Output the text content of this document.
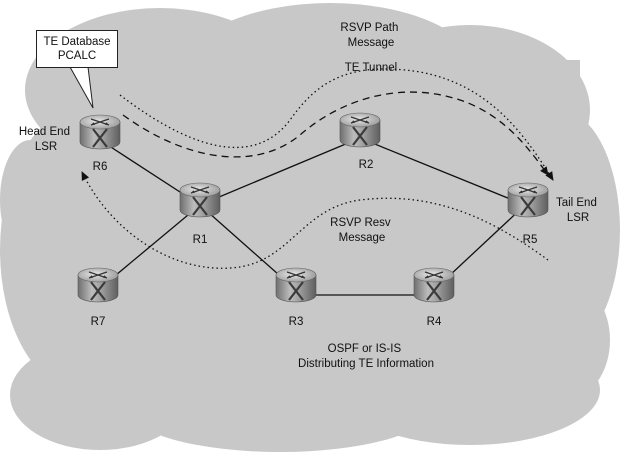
R6
R1
R2
R5
R7	R3	R4
Head End LSR
Tail End LSR
RSVP Path Message
TE Tunnel
RSVP Resv Message
OSPF or IS-IS Distributing TE Information
TE Database
PCALC
